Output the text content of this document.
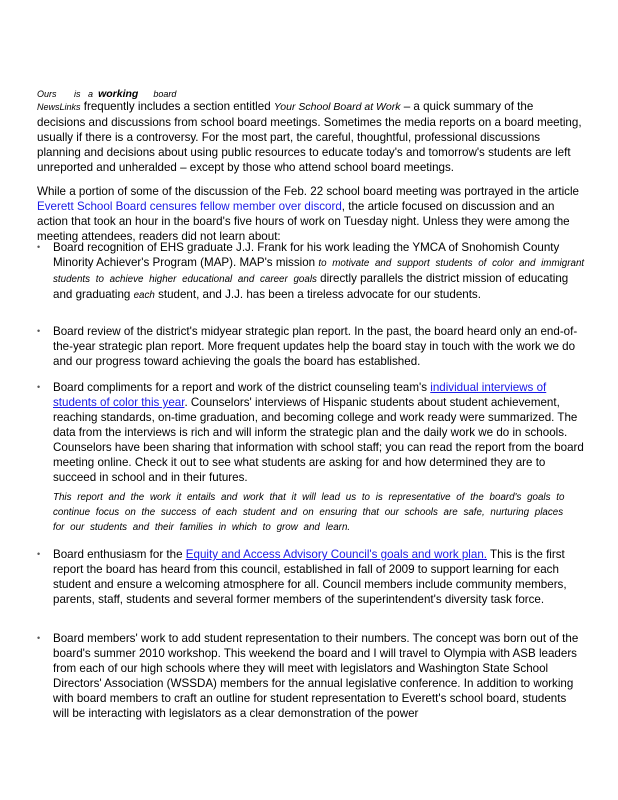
Ours is a working board
NewsLinks frequently includes a section entitled Your School Board at Work – a quick summary of the decisions and discussions from school board meetings. Sometimes the media reports on a board meeting, usually if there is a controversy. For the most part, the careful, thoughtful, professional discussions planning and decisions about using public resources to educate today's and tomorrow's students are left unreported and unheralded – except by those who attend school board meetings.
While a portion of some of the discussion of the Feb. 22 school board meeting was portrayed in the article Everett School Board censures fellow member over discord, the article focused on discussion and an action that took an hour in the board's five hours of work on Tuesday night. Unless they were among the meeting attendees, readers did not learn about:
• Board recognition of EHS graduate J.J. Frank for his work leading the YMCA of Snohomish County Minority Achiever's Program (MAP). MAP's mission to motivate and support students of color and immigrant students to achieve higher educational and career goals directly parallels the district mission of educating and graduating each student, and J.J. has been a tireless advocate for our students.
• Board review of the district's midyear strategic plan report. In the past, the board heard only an end-of-the-year strategic plan report. More frequent updates help the board stay in touch with the work we do and our progress toward achieving the goals the board has established.
• Board compliments for a report and work of the district counseling team's individual interviews of students of color this year. Counselors' interviews of Hispanic students about student achievement, reaching standards, on-time graduation, and becoming college and work ready were summarized. The data from the interviews is rich and will inform the strategic plan and the daily work we do in schools. Counselors have been sharing that information with school staff; you can read the report from the board meeting online. Check it out to see what students are asking for and how determined they are to succeed in school and in their futures.
This report and the work it entails and work that it will lead us to is representative of the board's goals to continue focus on the success of each student and on ensuring that our schools are safe, nurturing places for our students and their families in which to grow and learn.
• Board enthusiasm for the Equity and Access Advisory Council's goals and work plan. This is the first report the board has heard from this council, established in fall of 2009 to support learning for each student and ensure a welcoming atmosphere for all. Council members include community members, parents, staff, students and several former members of the superintendent's diversity task force.
• Board members' work to add student representation to their numbers. The concept was born out of the board's summer 2010 workshop. This weekend the board and I will travel to Olympia with ASB leaders from each of our high schools where they will meet with legislators and Washington State School Directors' Association (WSSDA) members for the annual legislative conference. In addition to working with board members to craft an outline for student representation to Everett's school board, students will be interacting with legislators as a clear demonstration of the power
